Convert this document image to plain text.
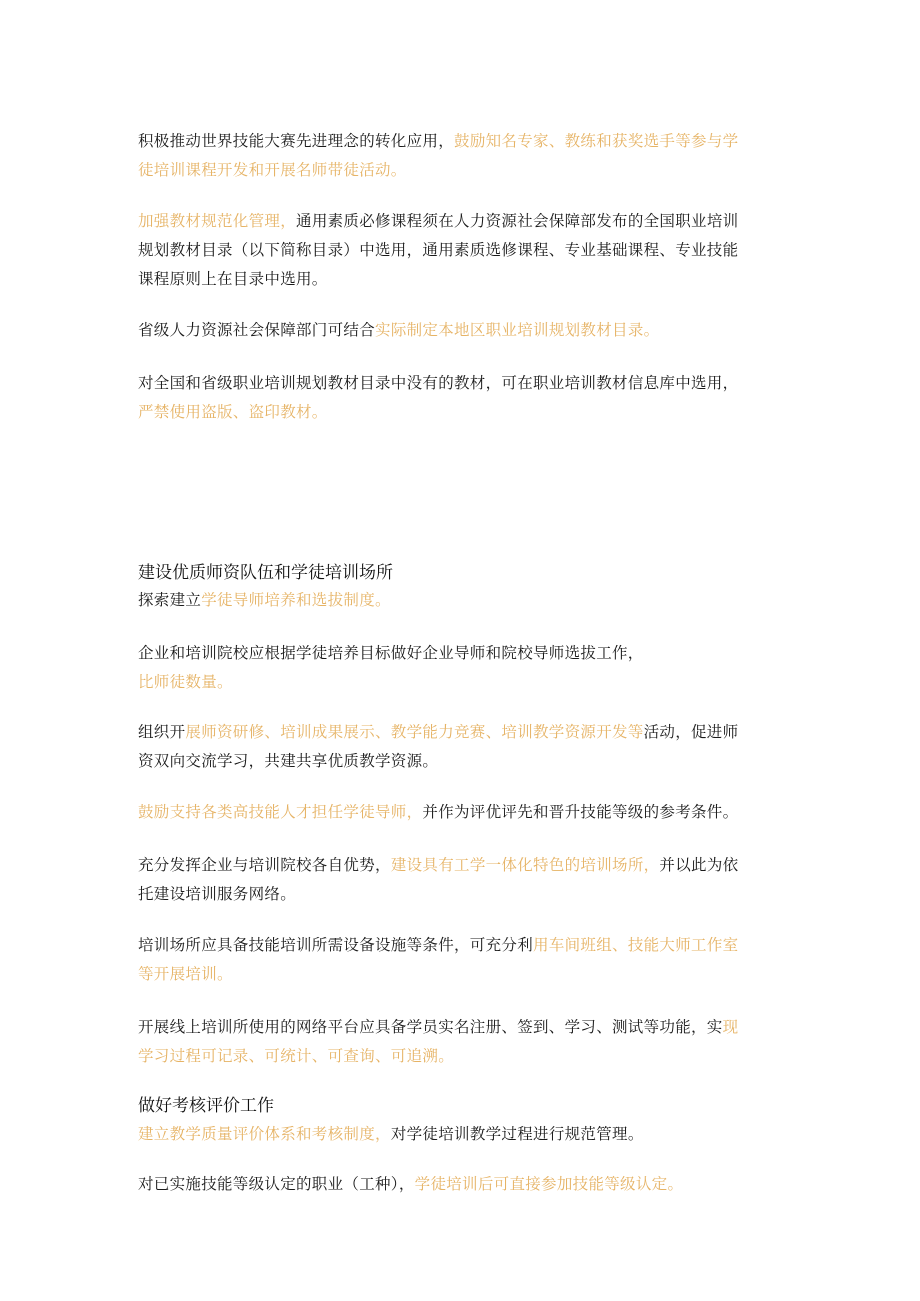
积极推动世界技能大赛先进理念的转化应用，鼓励知名专家、教练和获奖选手等参与学
徒培训课程开发和开展名师带徒活动。

加强教材规范化管理，通用素质必修课程须在人力资源社会保障部发布的全国职业培训
规划教材目录（以下简称目录）中选用，通用素质选修课程、专业基础课程、专业技能
课程原则上在目录中选用。

省级人力资源社会保障部门可结合实际制定本地区职业培训规划教材目录。

对全国和省级职业培训规划教材目录中没有的教材，可在职业培训教材信息库中选用，
严禁使用盗版、盗印教材。

建设优质师资队伍和学徒培训场所

探索建立学徒导师培养和选拔制度。

企业和培训院校应根据学徒培养目标做好企业导师和院校导师选拔工作，
比师徒数量。

组织开展师资研修、培训成果展示、教学能力竞赛、培训教学资源开发等活动，促进师
资双向交流学习，共建共享优质教学资源。

鼓励支持各类高技能人才担任学徒导师，并作为评优评先和晋升技能等级的参考条件。

充分发挥企业与培训院校各自优势，建设具有工学一体化特色的培训场所，并以此为依
托建设培训服务网络。

培训场所应具备技能培训所需设备设施等条件，可充分利用车间班组、技能大师工作室
等开展培训。

开展线上培训所使用的网络平台应具备学员实名注册、签到、学习、测试等功能，实现
学习过程可记录、可统计、可查询、可追溯。

做好考核评价工作

建立教学质量评价体系和考核制度，对学徒培训教学过程进行规范管理。

对已实施技能等级认定的职业（工种），学徒培训后可直接参加技能等级认定。
